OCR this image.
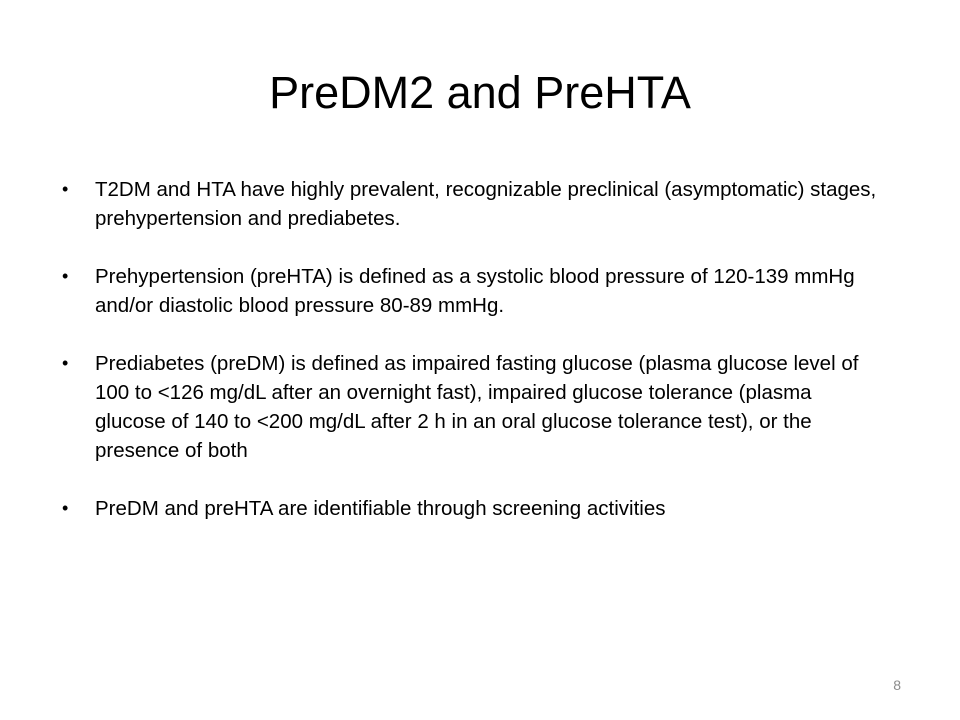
PreDM2 and PreHTA
• T2DM and HTA have highly prevalent, recognizable preclinical (asymptomatic) stages, prehypertension and prediabetes.
• Prehypertension (preHTA) is defined as a systolic blood pressure of 120-139 mmHg and/or diastolic blood pressure 80-89 mmHg.
• Prediabetes (preDM) is defined as impaired fasting glucose (plasma glucose level of 100 to <126 mg/dL after an overnight fast), impaired glucose tolerance (plasma glucose of 140 to <200 mg/dL after 2 h in an oral glucose tolerance test), or the presence of both
• PreDM and preHTA are identifiable through screening activities
8
